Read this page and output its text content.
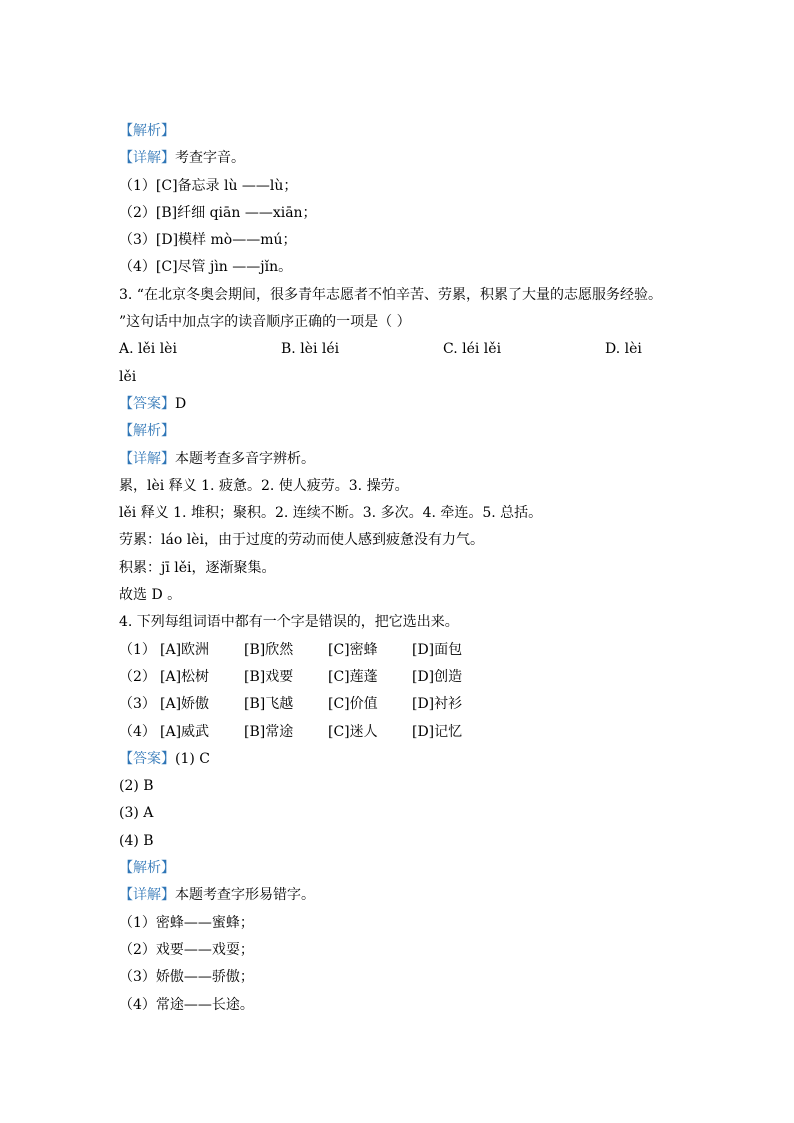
【解析】
【详解】考查字音。
（1）[C]备忘录 lù ——lù；
（2）[B]纤细 qiān ——xiān；
（3）[D]模样 mò——mú；
（4）[C]尽管 jìn ——jǐn。
3. “在北京冬奥会期间，很多青年志愿者不怕辛苦、劳累，积累了大量的志愿服务经验。
”这句话中加点字的读音顺序正确的一项是（ ）
A. lěi lèi	B. lèi léi	C. léi lěi	D. lèi
lěi
【答案】D
【解析】
【详解】本题考查多音字辨析。
累，lèi 释义 1. 疲惫。2. 使人疲劳。3. 操劳。
lěi 释义 1. 堆积；聚积。2. 连续不断。3. 多次。4. 牵连。5. 总括。
劳累：láo lèi，由于过度的劳动而使人感到疲惫没有力气。
积累：jī lěi，逐渐聚集。
故选 D 。
4. 下列每组词语中都有一个字是错误的，把它选出来。
（1） [A]欧洲 [B]欣然 [C]密蜂 [D]面包
（2） [A]松树 [B]戏要 [C]莲蓬 [D]创造
（3） [A]娇傲 [B]飞越 [C]价值 [D]衬衫
（4） [A]威武 [B]常途 [C]迷人 [D]记忆
【答案】(1) C
(2) B
(3) A
(4) B
【解析】
【详解】本题考查字形易错字。
（1）密蜂——蜜蜂；
（2）戏要——戏耍；
（3）娇傲——骄傲；
（4）常途——长途。
